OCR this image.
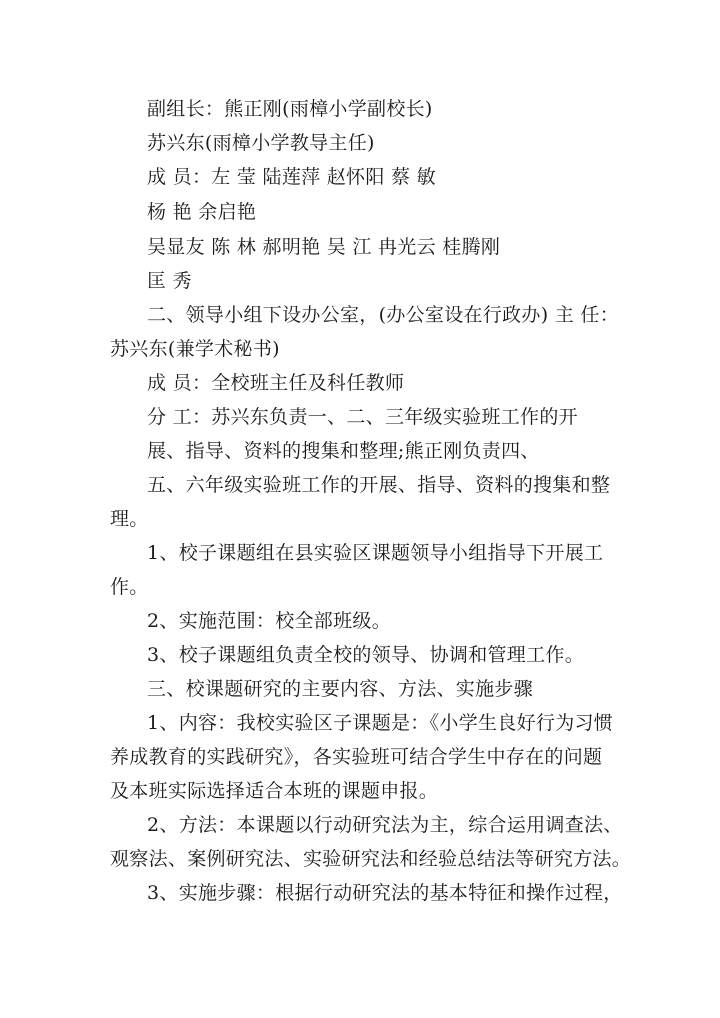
副组长：熊正刚(雨樟小学副校长)
苏兴东(雨樟小学教导主任)
成 员：左 莹 陆莲萍 赵怀阳 蔡 敏
杨 艳 余启艳
吴显友 陈 林 郝明艳 吴 江 冉光云 桂腾刚
匡 秀
二、领导小组下设办公室，(办公室设在行政办) 主 任：
苏兴东(兼学术秘书)
成 员：全校班主任及科任教师
分 工：苏兴东负责一、二、三年级实验班工作的开
展、指导、资料的搜集和整理;熊正刚负责四、
五、六年级实验班工作的开展、指导、资料的搜集和整
理。
1、校子课题组在县实验区课题领导小组指导下开展工
作。
2、实施范围：校全部班级。
3、校子课题组负责全校的领导、协调和管理工作。
三、校课题研究的主要内容、方法、实施步骤
1、内容：我校实验区子课题是：《小学生良好行为习惯
养成教育的实践研究》，各实验班可结合学生中存在的问题
及本班实际选择适合本班的课题申报。
2、方法：本课题以行动研究法为主，综合运用调查法、
观察法、案例研究法、实验研究法和经验总结法等研究方法。
3、实施步骤：根据行动研究法的基本特征和操作过程，
